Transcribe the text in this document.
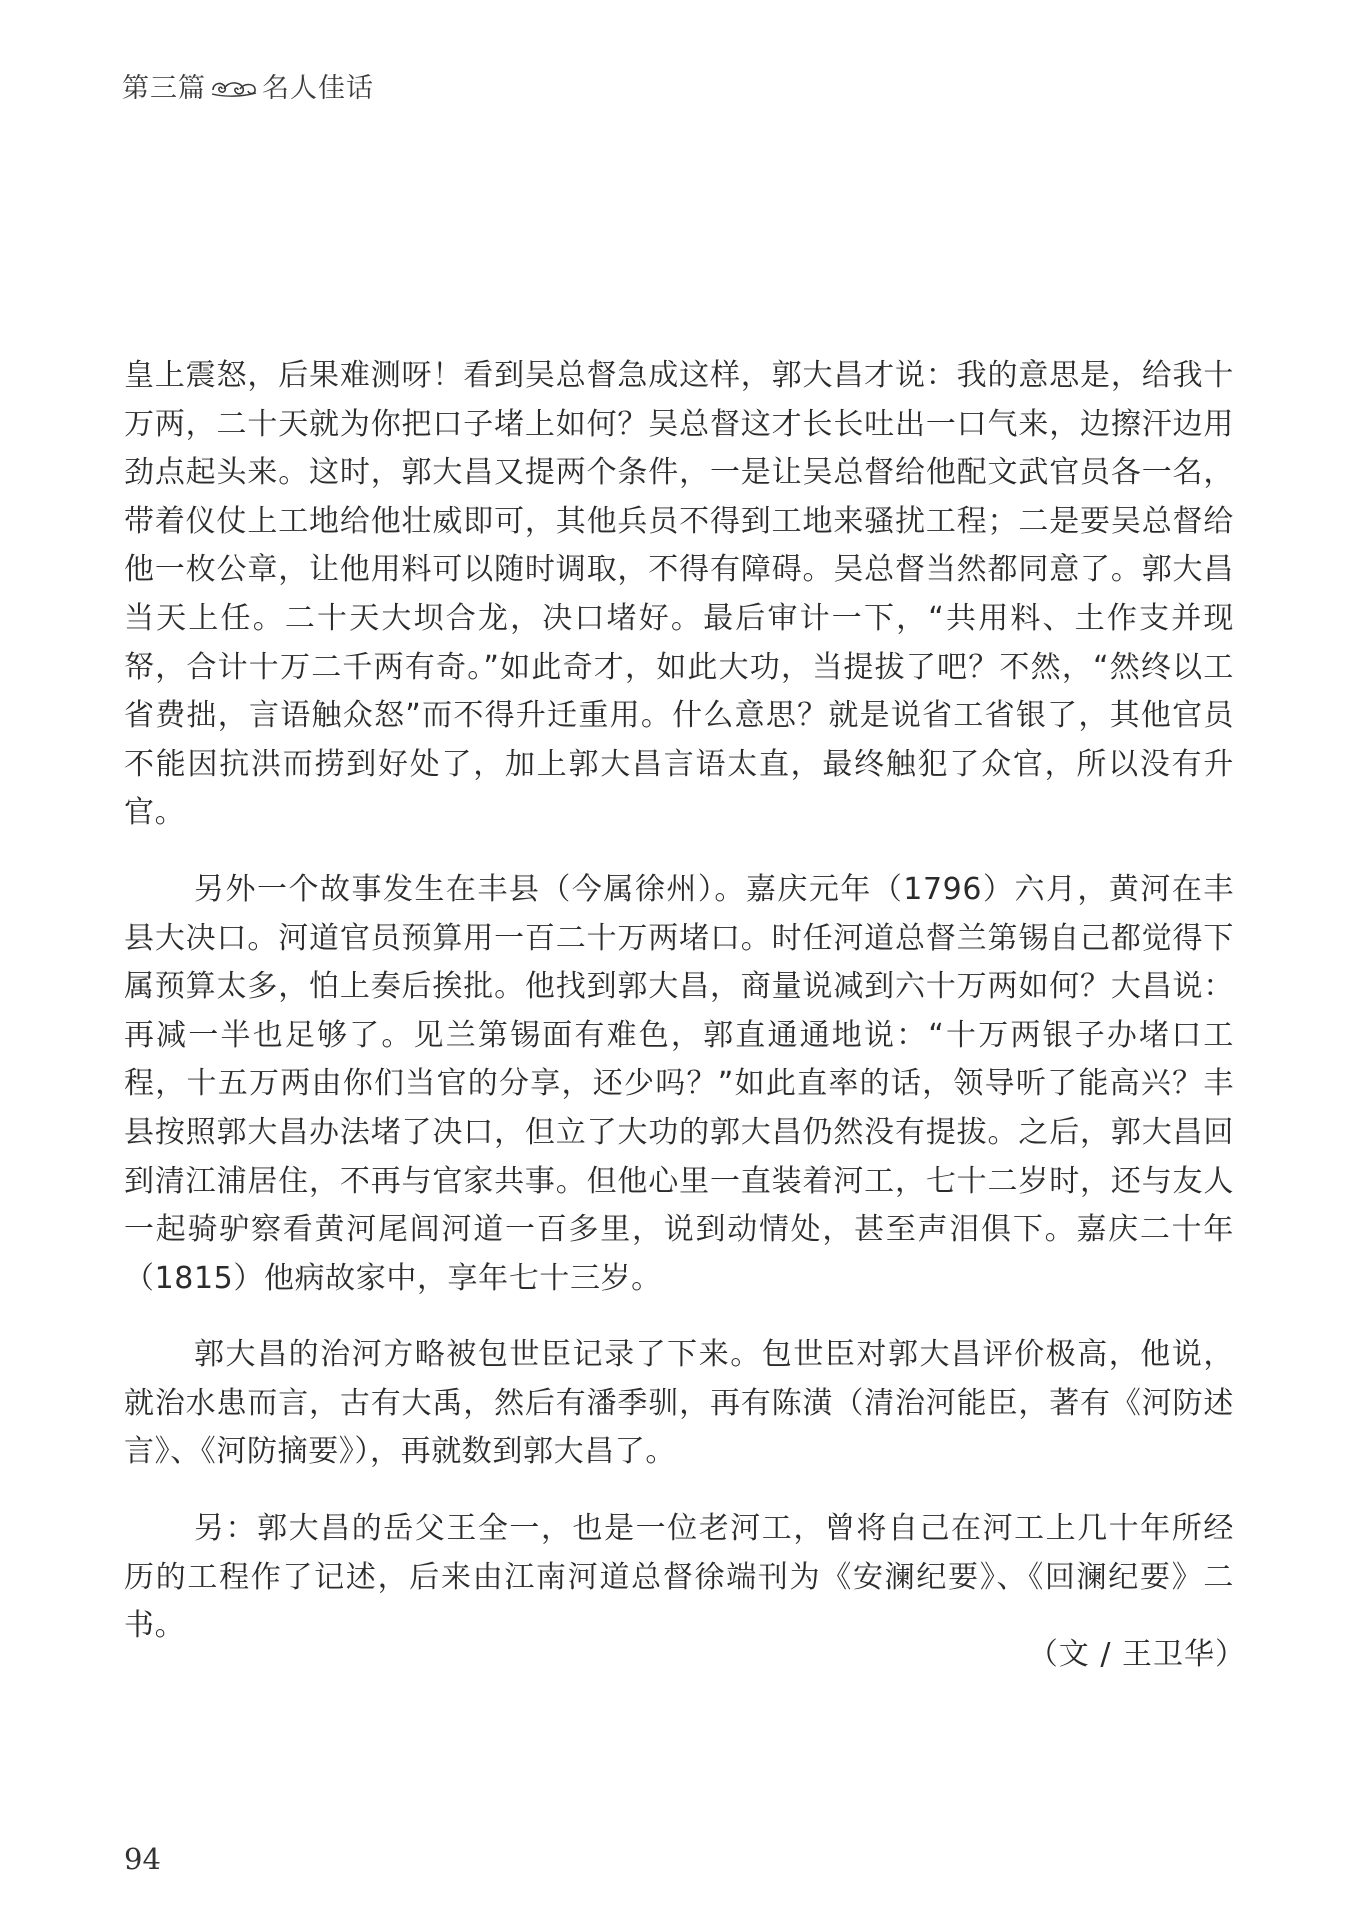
第三篇 名人佳话

皇上震怒，后果难测呀！看到吴总督急成这样，郭大昌才说：我的意思是，给我十万两，二十天就为你把口子堵上如何？吴总督这才长长吐出一口气来，边擦汗边用劲点起头来。这时，郭大昌又提两个条件，一是让吴总督给他配文武官员各一名，带着仪仗上工地给他壮威即可，其他兵员不得到工地来骚扰工程；二是要吴总督给他一枚公章，让他用料可以随时调取，不得有障碍。吴总督当然都同意了。郭大昌当天上任。二十天大坝合龙，决口堵好。最后审计一下，“共用料、土作支并现帑，合计十万二千两有奇。”如此奇才，如此大功，当提拔了吧？不然，“然终以工省费拙，言语触众怒”而不得升迁重用。什么意思？就是说省工省银了，其他官员不能因抗洪而捞到好处了，加上郭大昌言语太直，最终触犯了众官，所以没有升官。

另外一个故事发生在丰县（今属徐州）。嘉庆元年（1796）六月，黄河在丰县大决口。河道官员预算用一百二十万两堵口。时任河道总督兰第锡自己都觉得下属预算太多，怕上奏后挨批。他找到郭大昌，商量说减到六十万两如何？大昌说：再减一半也足够了。见兰第锡面有难色，郭直通通地说：“十万两银子办堵口工程，十五万两由你们当官的分享，还少吗？”如此直率的话，领导听了能高兴？丰县按照郭大昌办法堵了决口，但立了大功的郭大昌仍然没有提拔。之后，郭大昌回到清江浦居住，不再与官家共事。但他心里一直装着河工，七十二岁时，还与友人一起骑驴察看黄河尾闾河道一百多里，说到动情处，甚至声泪俱下。嘉庆二十年（1815）他病故家中，享年七十三岁。

郭大昌的治河方略被包世臣记录了下来。包世臣对郭大昌评价极高，他说，就治水患而言，古有大禹，然后有潘季驯，再有陈潢（清治河能臣，著有《河防述言》、《河防摘要》），再就数到郭大昌了。

另：郭大昌的岳父王全一，也是一位老河工，曾将自己在河工上几十年所经历的工程作了记述，后来由江南河道总督徐端刊为《安澜纪要》、《回澜纪要》二书。

（文 / 王卫华）
94
